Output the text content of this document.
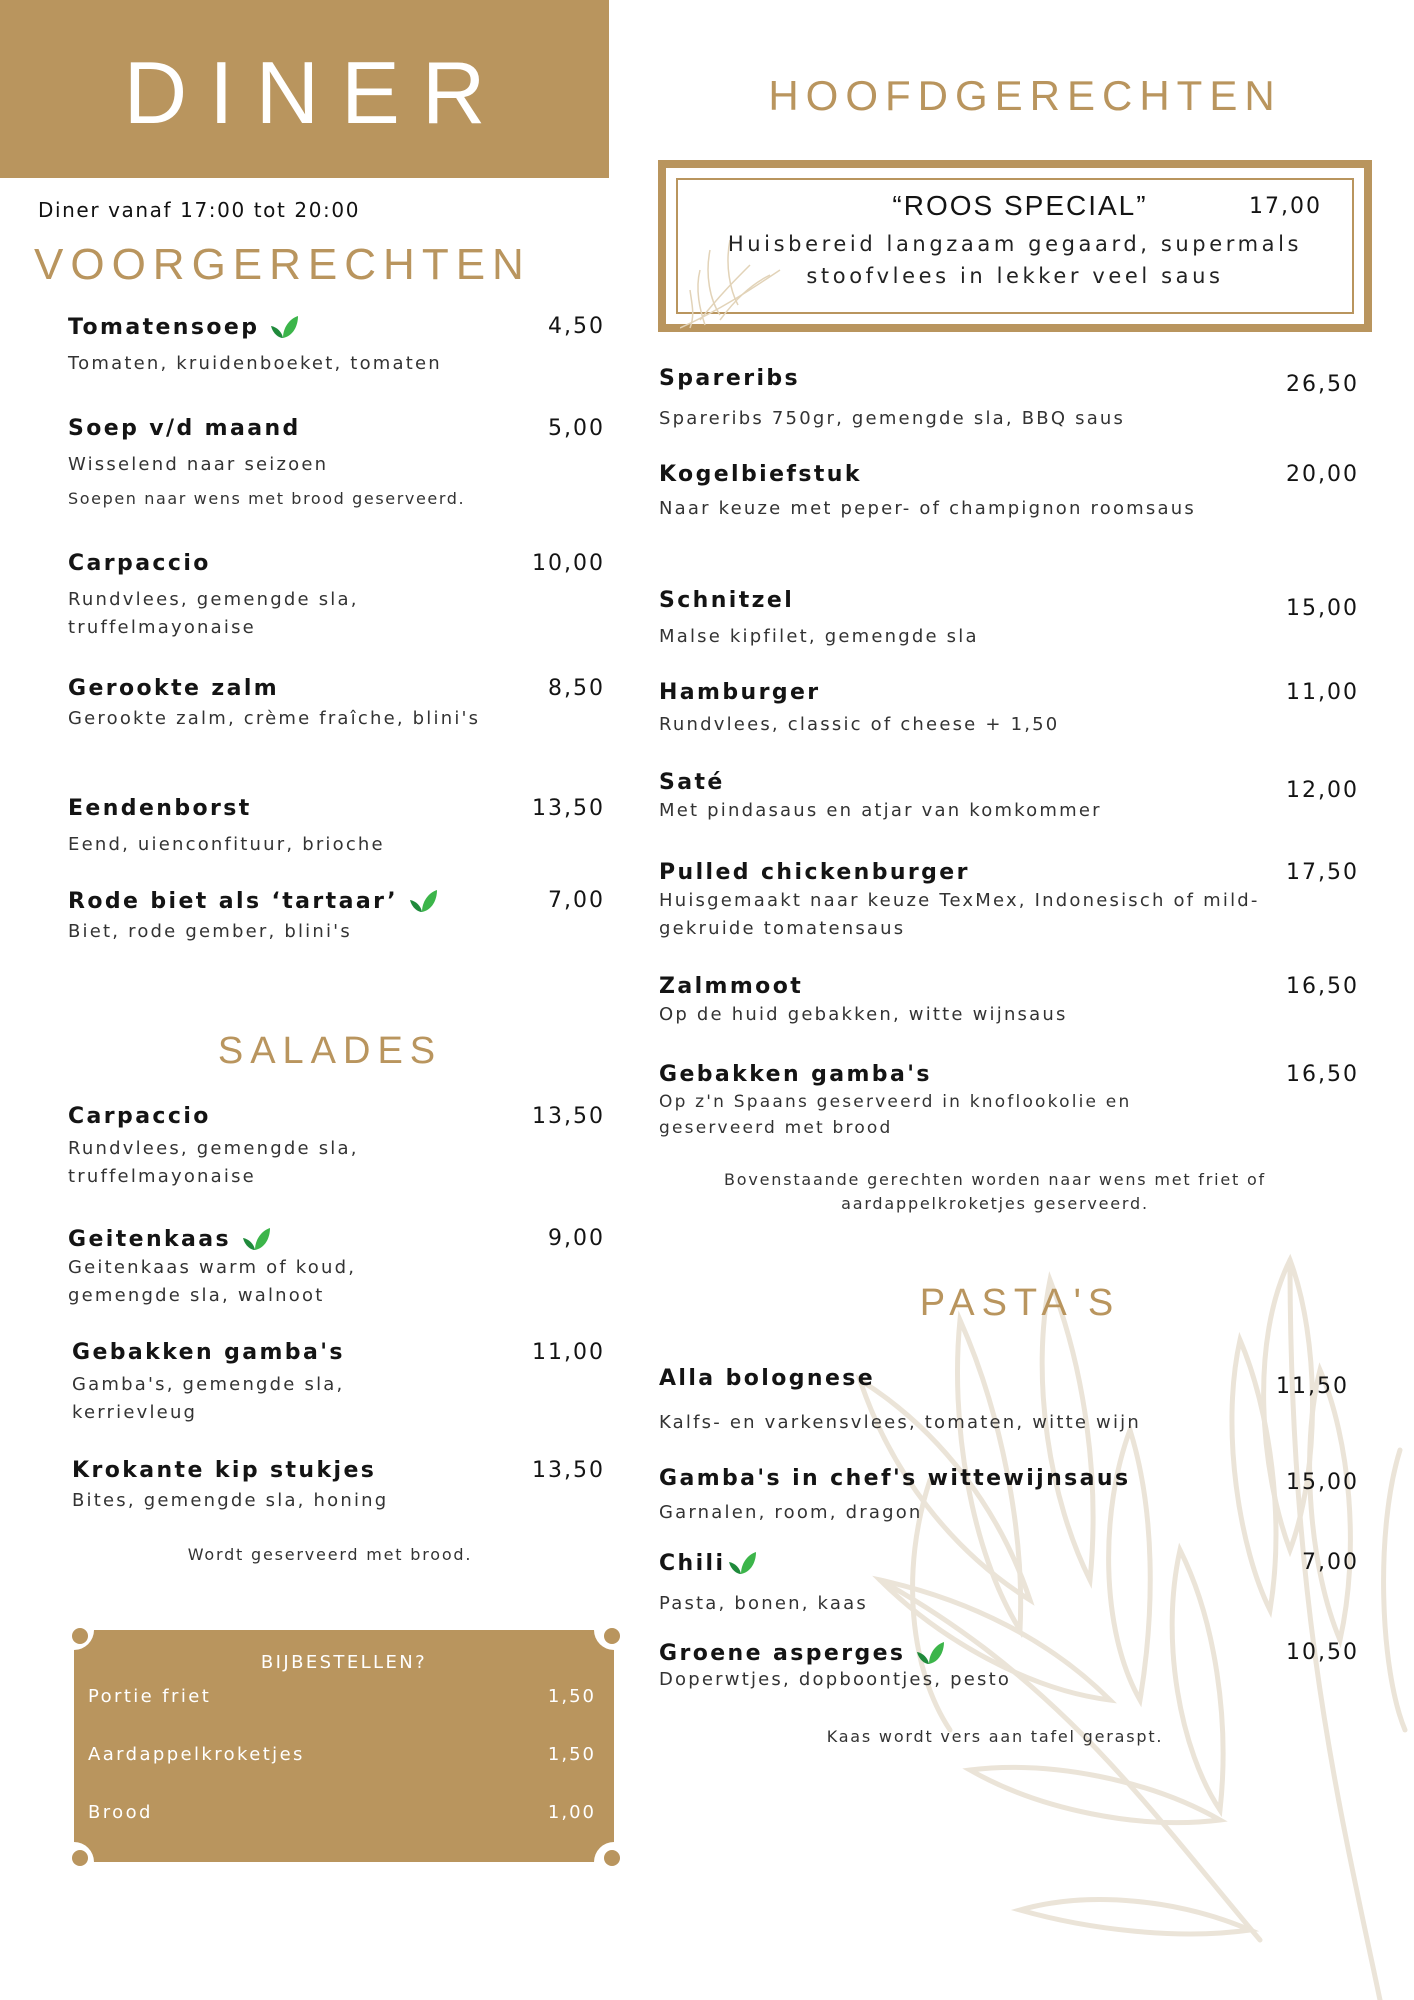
DINER
Diner vanaf 17:00 tot 20:00
VOORGERECHTEN
Tomatensoep	4,50
Tomaten, kruidenboeket, tomaten
Soep v/d maand	5,00
Wisselend naar seizoen
Soepen naar wens met brood geserveerd.
Carpaccio	10,00
Rundvlees, gemengde sla, truffelmayonaise
Gerookte zalm	8,50
Gerookte zalm, crème fraîche, blini's
Eendenborst	13,50
Eend, uienconfituur, brioche
Rode biet als ‘tartaar’	7,00
Biet, rode gember, blini's
SALADES
Carpaccio	13,50
Rundvlees, gemengde sla, truffelmayonaise
Geitenkaas	9,00
Geitenkaas warm of koud, gemengde sla, walnoot
Gebakken gamba's	11,00
Gamba's, gemengde sla, kerrievleug
Krokante kip stukjes	13,50
Bites, gemengde sla, honing
Wordt geserveerd met brood.
BIJBESTELLEN?
Portie friet	1,50
Aardappelkroketjes	1,50
Brood	1,00
HOOFDGERECHTEN
“ROOS SPECIAL”	17,00
Huisbereid langzaam gegaard, supermals stoofvlees in lekker veel saus
Spareribs	26,50
Spareribs 750gr, gemengde sla, BBQ saus
Kogelbiefstuk	20,00
Naar keuze met peper- of champignon roomsaus
Schnitzel	15,00
Malse kipfilet, gemengde sla
Hamburger	11,00
Rundvlees, classic of cheese + 1,50
Saté	12,00
Met pindasaus en atjar van komkommer
Pulled chickenburger	17,50
Huisgemaakt naar keuze TexMex, Indonesisch of mild- gekruide tomatensaus
Zalmmoot	16,50
Op de huid gebakken, witte wijnsaus
Gebakken gamba's	16,50
Op z'n Spaans geserveerd in knoflookolie en geserveerd met brood
Bovenstaande gerechten worden naar wens met friet of aardappelkroketjes geserveerd.
PASTA'S
Alla bolognese	11,50
Kalfs- en varkensvlees, tomaten, witte wijn
Gamba's in chef's wittewijnsaus	15,00
Garnalen, room, dragon
Chili	7,00
Pasta, bonen, kaas
Groene asperges	10,50
Doperwtjes, dopboontjes, pesto
Kaas wordt vers aan tafel geraspt.
